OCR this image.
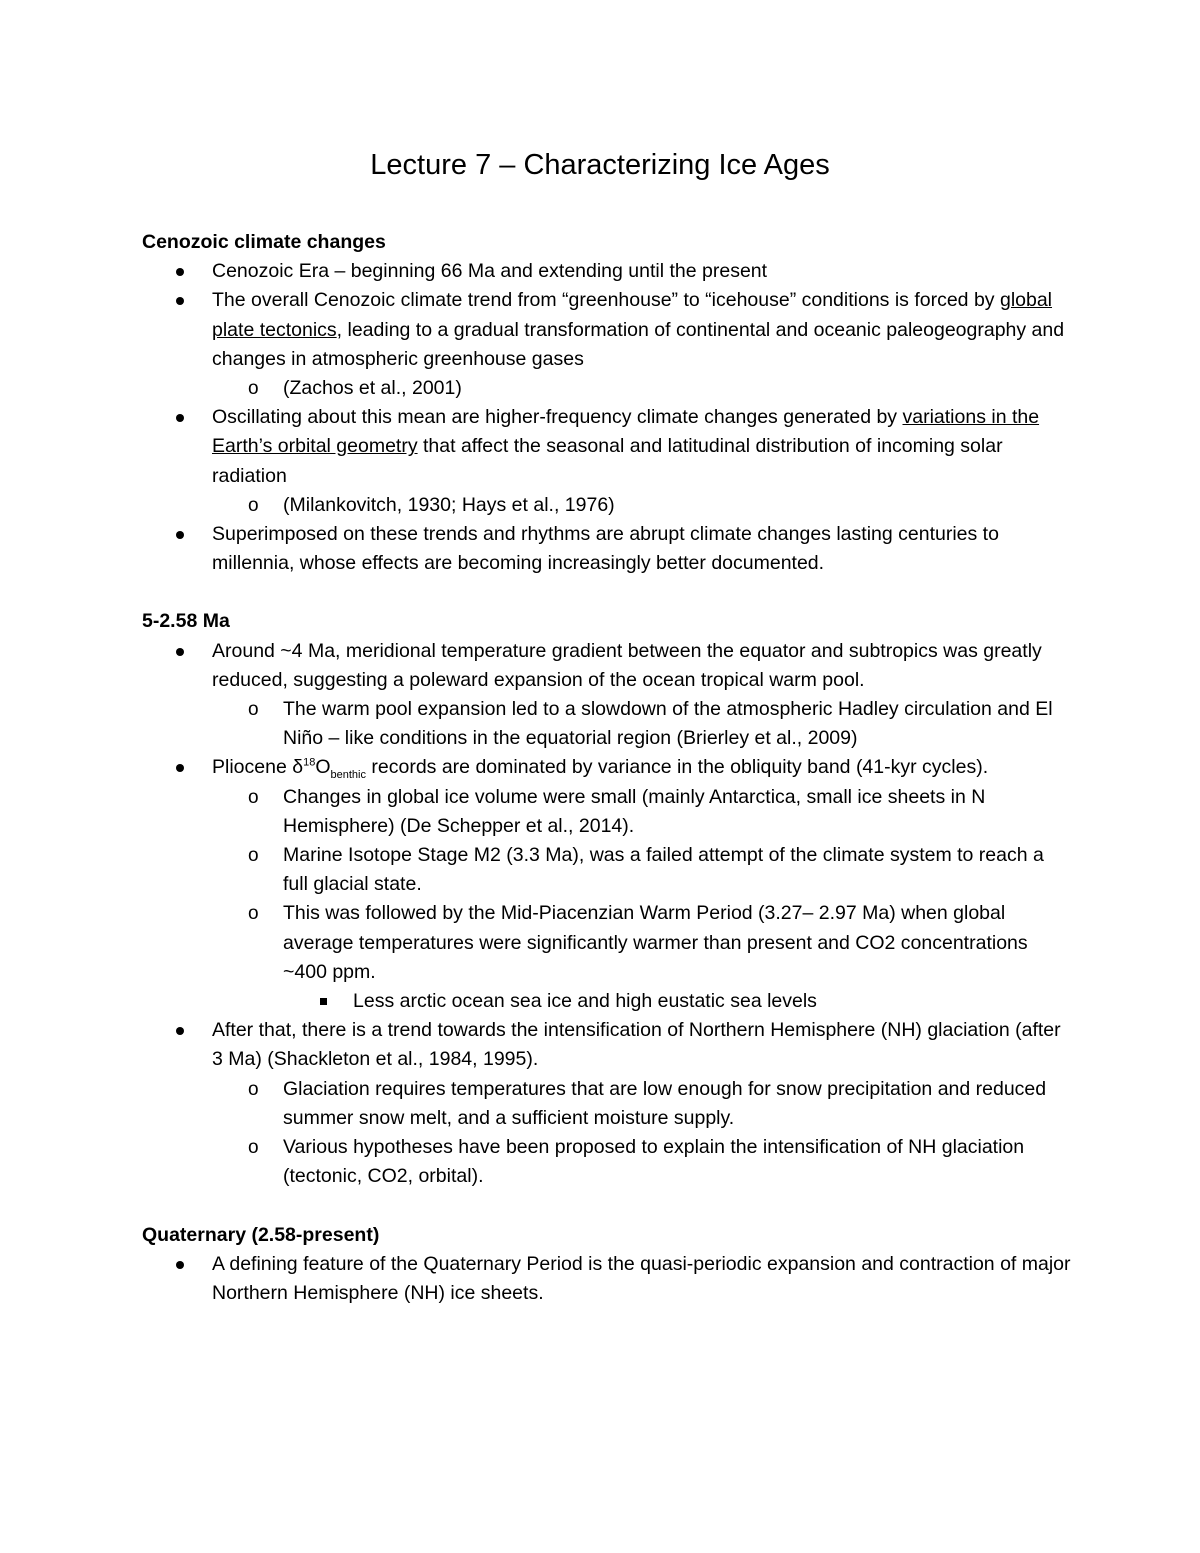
Lecture 7 – Characterizing Ice Ages
Cenozoic climate changes
Cenozoic Era – beginning 66 Ma and extending until the present
The overall Cenozoic climate trend from “greenhouse” to “icehouse” conditions is forced by global plate tectonics, leading to a gradual transformation of continental and oceanic paleogeography and changes in atmospheric greenhouse gases
o (Zachos et al., 2001)
Oscillating about this mean are higher-frequency climate changes generated by variations in the Earth’s orbital geometry that affect the seasonal and latitudinal distribution of incoming solar radiation
o (Milankovitch, 1930; Hays et al., 1976)
Superimposed on these trends and rhythms are abrupt climate changes lasting centuries to millennia, whose effects are becoming increasingly better documented.
5-2.58 Ma
Around ~4 Ma, meridional temperature gradient between the equator and subtropics was greatly reduced, suggesting a poleward expansion of the ocean tropical warm pool.
o The warm pool expansion led to a slowdown of the atmospheric Hadley circulation and El Niño – like conditions in the equatorial region (Brierley et al., 2009)
Pliocene $\delta^{18}O_{benthic}$ records are dominated by variance in the obliquity band (41-kyr cycles).
o Changes in global ice volume were small (mainly Antarctica, small ice sheets in N Hemisphere) (De Schepper et al., 2014).
o Marine Isotope Stage M2 (3.3 Ma), was a failed attempt of the climate system to reach a full glacial state.
o This was followed by the Mid-Piacenzian Warm Period (3.27– 2.97 Ma) when global average temperatures were significantly warmer than present and CO2 concentrations ~400 ppm.
Less arctic ocean sea ice and high eustatic sea levels
After that, there is a trend towards the intensification of Northern Hemisphere (NH) glaciation (after 3 Ma) (Shackleton et al., 1984, 1995).
o Glaciation requires temperatures that are low enough for snow precipitation and reduced summer snow melt, and a sufficient moisture supply.
o Various hypotheses have been proposed to explain the intensification of NH glaciation (tectonic, CO2, orbital).
Quaternary (2.58-present)
A defining feature of the Quaternary Period is the quasi-periodic expansion and contraction of major Northern Hemisphere (NH) ice sheets.
